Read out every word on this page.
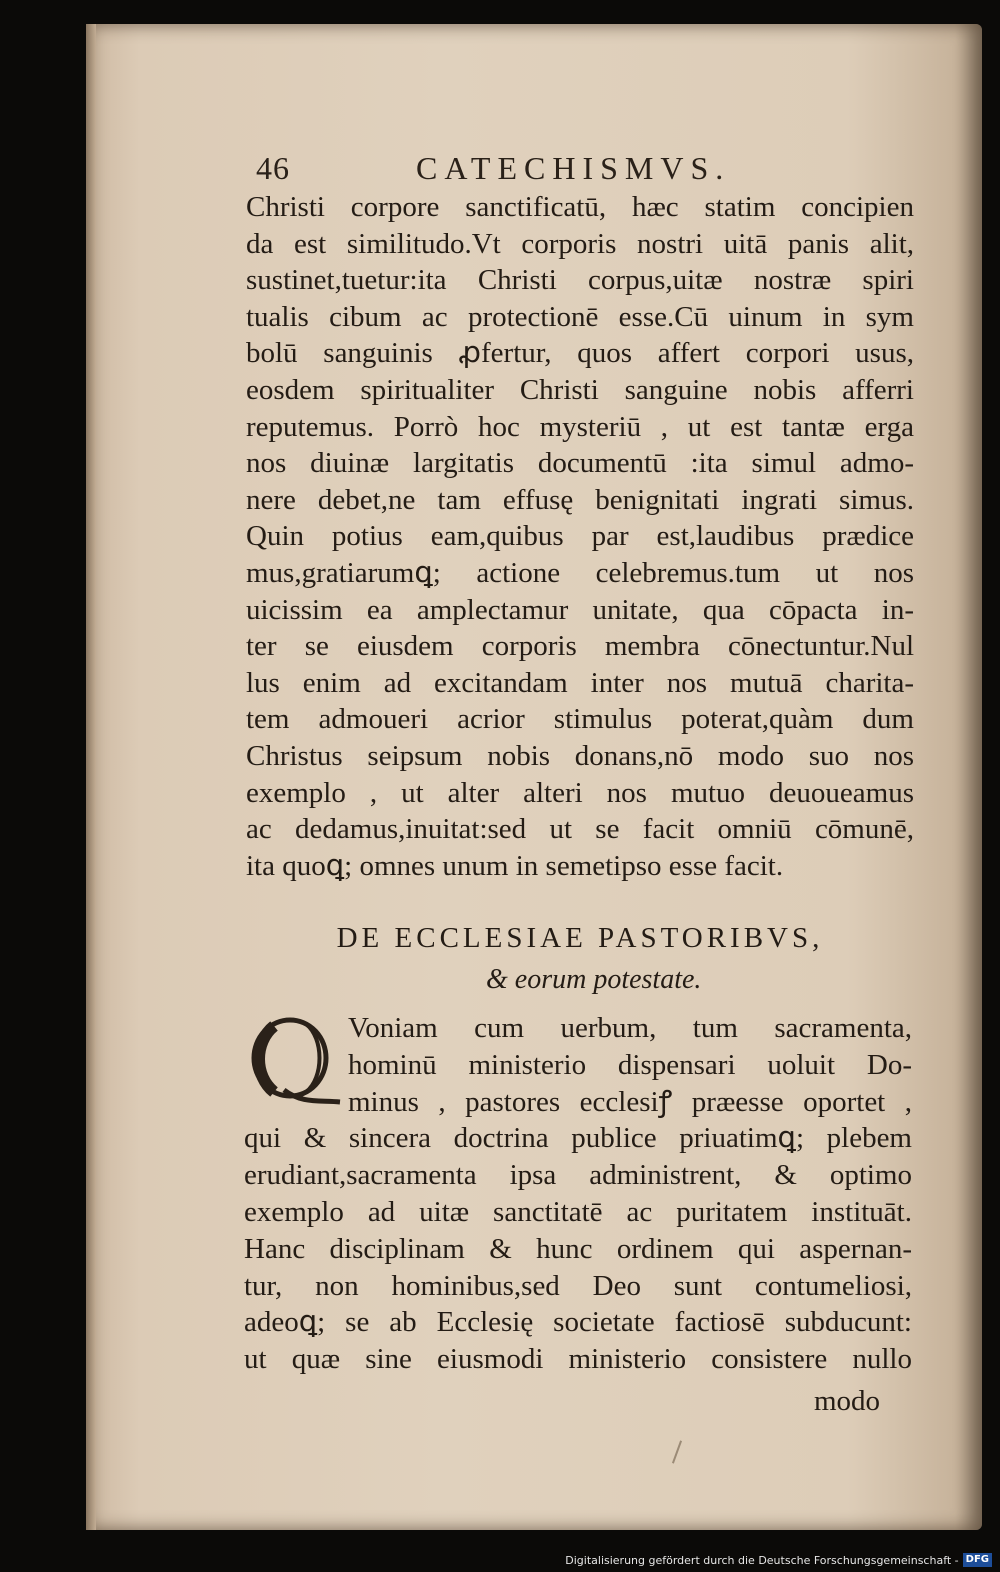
46	CATECHISMVS.
Christi corpore sanctificatū, hæc statim concipien
da est similitudo.Vt corporis nostri uitā panis alit,
sustinet,tuetur:ita Christi corpus,uitæ nostræ spiri
tualis cibum ac protectionē esse.Cū uinum in sym
bolū sanguinis ꝓfertur, quos affert corpori usus,
eosdem spiritualiter Christi sanguine nobis afferri
reputemus. Porrò hoc mysteriū , ut est tantæ erga
nos diuinæ largitatis documentū :ita simul admo-
nere debet,ne tam effusę benignitati ingrati simus.
Quin potius eam,quibus par est,laudibus prædice
mus,gratiarumꝗ; actione celebremus.tum ut nos
uicissim ea amplectamur unitate, qua cōpacta in-
ter se eiusdem corporis membra cōnectuntur.Nul
lus enim ad excitandam inter nos mutuā charita-
tem admoueri acrior stimulus poterat,quàm dum
Christus seipsum nobis donans,nō modo suo nos
exemplo , ut alter alteri nos mutuo deuoueamus
ac dedamus,inuitat:sed ut se facit omniū cōmunē,
ita quoꝗ; omnes unum in semetipso esse facit.
DE ECCLESIAE PASTORIBVS,
& eorum potestate.
Voniam cum uerbum, tum sacramenta,
hominū ministerio dispensari uoluit Do-
minus , pastores ecclesiꝭ præesse oportet ,
qui & sincera doctrina publice priuatimꝗ; plebem
erudiant,sacramenta ipsa administrent, & optimo
exemplo ad uitæ sanctitatē ac puritatem instituāt.
Hanc disciplinam & hunc ordinem qui aspernan-
tur, non hominibus,sed Deo sunt contumeliosi,
adeoꝗ; se ab Ecclesię societate factiosē subducunt:
ut quæ sine eiusmodi ministerio consistere nullo
modo
Digitalisierung gefördert durch die Deutsche Forschungsgemeinschaft - DFG
